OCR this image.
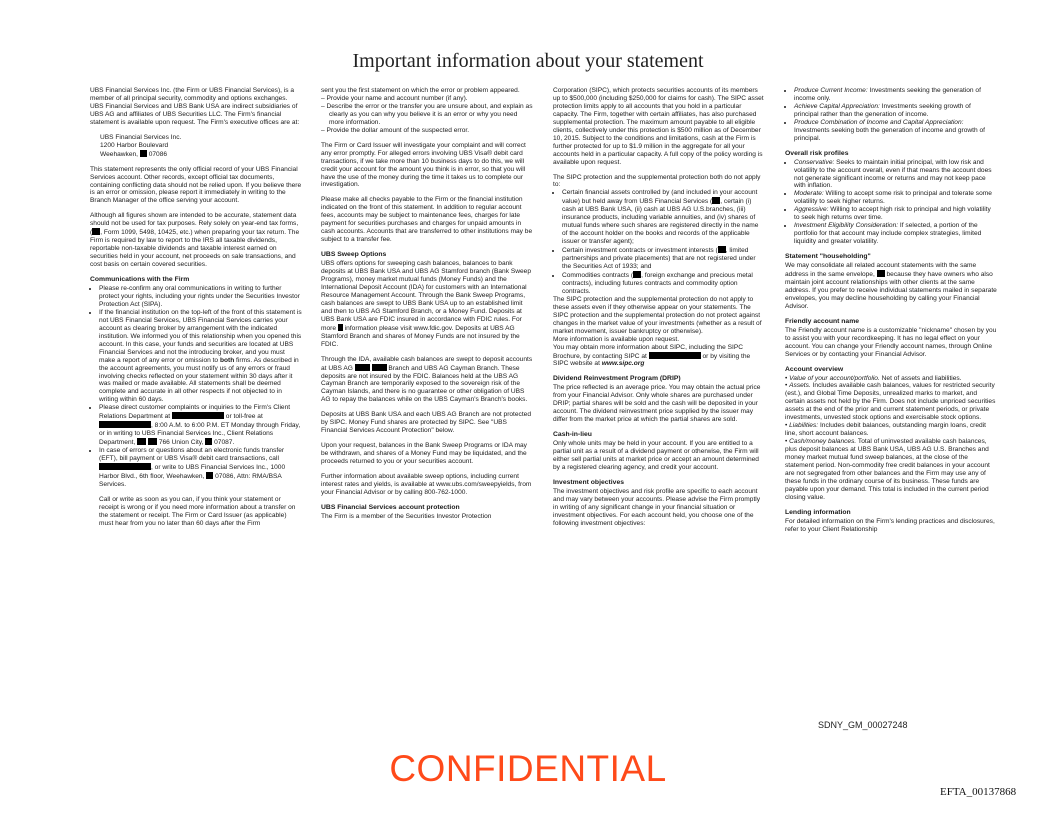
Important information about your statement

UBS Financial Services Inc. (the Firm or UBS Financial Services), is a member of all principal security, commodity and options exchanges. UBS Financial Services and UBS Bank USA are indirect subsidiaries of UBS AG and affiliates of UBS Securities LLC. The Firm's financial statement is available upon request. The Firm's executive offices are at:

UBS Financial Services Inc.
1200 Harbor Boulevard
Weehawken, 07086

This statement represents the only official record of your UBS Financial Services account. Other records, except official tax documents, containing conflicting data should not be relied upon. If you believe there is an error or omission, please report it immediately in writing to the Branch Manager of the office serving your account.

Although all figures shown are intended to be accurate, statement data should not be used for tax purposes. Rely solely on year-end tax forms, ( , Form 1099, 5498, 10425, etc.) when preparing your tax return. The Firm is required by law to report to the IRS all taxable dividends, reportable non-taxable dividends and taxable interest earned on securities held in your account, net proceeds on sale transactions, and cost basis on certain covered securities.

Communications with the Firm
• Please re-confirm any oral communications in writing to further protect your rights, including your rights under the Securities Investor Protection Act (SIPA).
• If the financial institution on the top-left of the front of this statement is not UBS Financial Services, UBS Financial Services carries your account as clearing broker by arrangement with the indicated institution. We informed you of this relationship when you opened this account. In this case, your funds and securities are located at UBS Financial Services and not the introducing broker, and you must make a report of any error or omission to both firms. As described in the account agreements, you must notify us of any errors or fraud involving checks reflected on your statement within 30 days after it was mailed or made available. All statements shall be deemed complete and accurate in all other respects if not objected to in writing within 60 days.
• Please direct customer complaints or inquiries to the Firm's Client Relations Department at	or toll-free at , 8:00 A.M. to 6:00 P.M. ET Monday through Friday, or in writing to UBS Financial Services Inc., Client Relations Department,	766 Union City, 07087.
• In case of errors or questions about an electronic funds transfer (EFT), bill payment or UBS Visa® debit card transactions, call , or write to UBS Financial Services Inc., 1000 Harbor Blvd., 6th floor, Weehawken, 07086, Attn: RMA/BSA Services.

Call or write as soon as you can, if you think your statement or receipt is wrong or if you need more information about a transfer on the statement or receipt. The Firm or Card Issuer (as applicable) must hear from you no later than 60 days after the Firm

sent you the first statement on which the error or problem appeared.

– Provide your name and account number (if any).
– Describe the error or the transfer you are unsure about, and explain as clearly as you can why you believe it is an error or why you need more information.
– Provide the dollar amount of the suspected error.

The Firm or Card Issuer will investigate your complaint and will correct any error promptly. For alleged errors involving UBS Visa® debit card transactions, if we take more than 10 business days to do this, we will credit your account for the amount you think is in error, so that you will have the use of the money during the time it takes us to complete our investigation.

Please make all checks payable to the Firm or the financial institution indicated on the front of this statement. In addition to regular account fees, accounts may be subject to maintenance fees, charges for late payment for securities purchases and charges for unpaid amounts in cash accounts. Accounts that are transferred to other institutions may be subject to a transfer fee.

UBS Sweep Options

UBS offers options for sweeping cash balances, balances to bank deposits at UBS Bank USA and UBS AG Stamford branch (Bank Sweep Programs), money market mutual funds (Money Funds) and the International Deposit Account (IDA) for customers with an International Resource Management Account. Through the Bank Sweep Programs, cash balances are swept to UBS Bank USA up to an established limit and then to UBS AG Stamford Branch, or a Money Fund. Deposits at UBS Bank USA are FDIC insured in accordance with FDIC rules. For more information please visit www.fdic.gov. Deposits at UBS AG Stamford Branch and shares of Money Funds are not insured by the FDIC.

Through the IDA, available cash balances are swept to deposit accounts at UBS AG	Branch and UBS AG Cayman Branch. These deposits are not insured by the FDIC. Balances held at the UBS AG Cayman Branch are temporarily exposed to the sovereign risk of the Cayman Islands, and there is no guarantee or other obligation of UBS AG to repay the balances while on the UBS Cayman's Branch's books.

Deposits at UBS Bank USA and each UBS AG Branch are not protected by SIPC. Money Fund shares are protected by SIPC. See "UBS Financial Services Account Protection" below.

Upon your request, balances in the Bank Sweep Programs or IDA may be withdrawn, and shares of a Money Fund may be liquidated, and the proceeds returned to you or your securities account.

Further information about available sweep options, including current interest rates and yields, is available at www.ubs.com/sweepyields, from your Financial Advisor or by calling 800-762-1000.

UBS Financial Services account protection

The Firm is a member of the Securities Investor Protection

Corporation (SIPC), which protects securities accounts of its members up to $500,000 (including $250,000 for claims for cash). The SIPC asset protection limits apply to all accounts that you hold in a particular capacity. The Firm, together with certain affiliates, has also purchased supplemental protection. The maximum amount payable to all eligible clients, collectively under this protection is $500 million as of December 10, 2015. Subject to the conditions and limitations, cash at the Firm is further protected for up to $1.9 million in the aggregate for all your accounts held in a particular capacity. A full copy of the policy wording is available upon request.

The SIPC protection and the supplemental protection both do not apply to:

• Certain financial assets controlled by (and included in your account value) but held away from UBS Financial Services ( , certain (i) cash at UBS Bank USA, (ii) cash at UBS AG U.S.branches, (iii) insurance products, including variable annuities, and (iv) shares of mutual funds where such shares are registered directly in the name of the account holder on the books and records of the applicable issuer or transfer agent);
• Certain investment contracts or investment interests ( , limited partnerships and private placements) that are not registered under the Securities Act of 1933; and
• Commodities contracts ( , foreign exchange and precious metal contracts), including futures contracts and commodity option contracts.

The SIPC protection and the supplemental protection do not apply to these assets even if they otherwise appear on your statements. The SIPC protection and the supplemental protection do not protect against changes in the market value of your investments (whether as a result of market movement, issuer bankruptcy or otherwise).

More information is available upon request.

You may obtain more information about SIPC, including the SIPC Brochure, by contacting SIPC at	or by visiting the SIPC website at www.sipc.org

Dividend Reinvestment Program (DRIP)

The price reflected is an average price. You may obtain the actual price from your Financial Advisor. Only whole shares are purchased under DRIP; partial shares will be sold and the cash will be deposited in your account. The dividend reinvestment price supplied by the issuer may differ from the market price at which the partial shares are sold.

Cash-in-lieu

Only whole units may be held in your account. If you are entitled to a partial unit as a result of a dividend payment or otherwise, the Firm will either sell partial units at market price or accept an amount determined by a registered clearing agency, and credit your account.

Investment objectives

The investment objectives and risk profile are specific to each account and may vary between your accounts. Please advise the Firm promptly in writing of any significant change in your financial situation or investment objectives. For each account held, you choose one of the following investment objectives:

• Produce Current Income: Investments seeking the generation of income only.
• Achieve Capital Appreciation: Investments seeking growth of principal rather than the generation of income.
• Produce Combination of Income and Capital Appreciation: Investments seeking both the generation of income and growth of principal.
Overall risk profiles
• Conservative: Seeks to maintain initial principal, with low risk and volatility to the account overall, even if that means the account does not generate significant income or returns and may not keep pace with inflation.
• Moderate: Willing to accept some risk to principal and tolerate some volatility to seek higher returns.
• Aggressive: Willing to accept high risk to principal and high volatility to seek high returns over time.
• Investment Eligibility Consideration: If selected, a portion of the portfolio for that account may include complex strategies, limited liquidity and greater volatility.
Statement "householding"

We may consolidate all related account statements with the same address in the same envelope, because they have owners who also maintain joint account relationships with other clients at the same address. If you prefer to receive individual statements mailed in separate envelopes, you may decline householding by calling your Financial Advisor.

Friendly account name

The Friendly account name is a customizable "nickname" chosen by you to assist you with your recordkeeping. It has no legal effect on your account. You can change your Friendly account names, through Online Services or by contacting your Financial Advisor.

Account overview
• Value of your account/portfolio. Net of assets and liabilities.
• Assets. Includes available cash balances, values for restricted security (est.), and Global Time Deposits, unrealized marks to market, and certain assets not held by the Firm. Does not include unpriced securities assets at the end of the prior and current statement periods, or private investments, unvested stock options and exercisable stock options.
• Liabilities: Includes debit balances, outstanding margin loans, credit line, short account balances.
• Cash/money balances. Total of uninvested available cash balances, plus deposit balances at UBS Bank USA, UBS AG U.S. Branches and money market mutual fund sweep balances, at the close of the statement period. Non-commodity free credit balances in your account are not segregated from other balances and the Firm may use any of these funds in the ordinary course of its business. These funds are payable upon your demand. This total is included in the current period closing value.
Lending information

For detailed information on the Firm's lending practices and disclosures, refer to your Client Relationship

SDNY_GM_00027248
CONFIDENTIAL
EFTA_00137868
